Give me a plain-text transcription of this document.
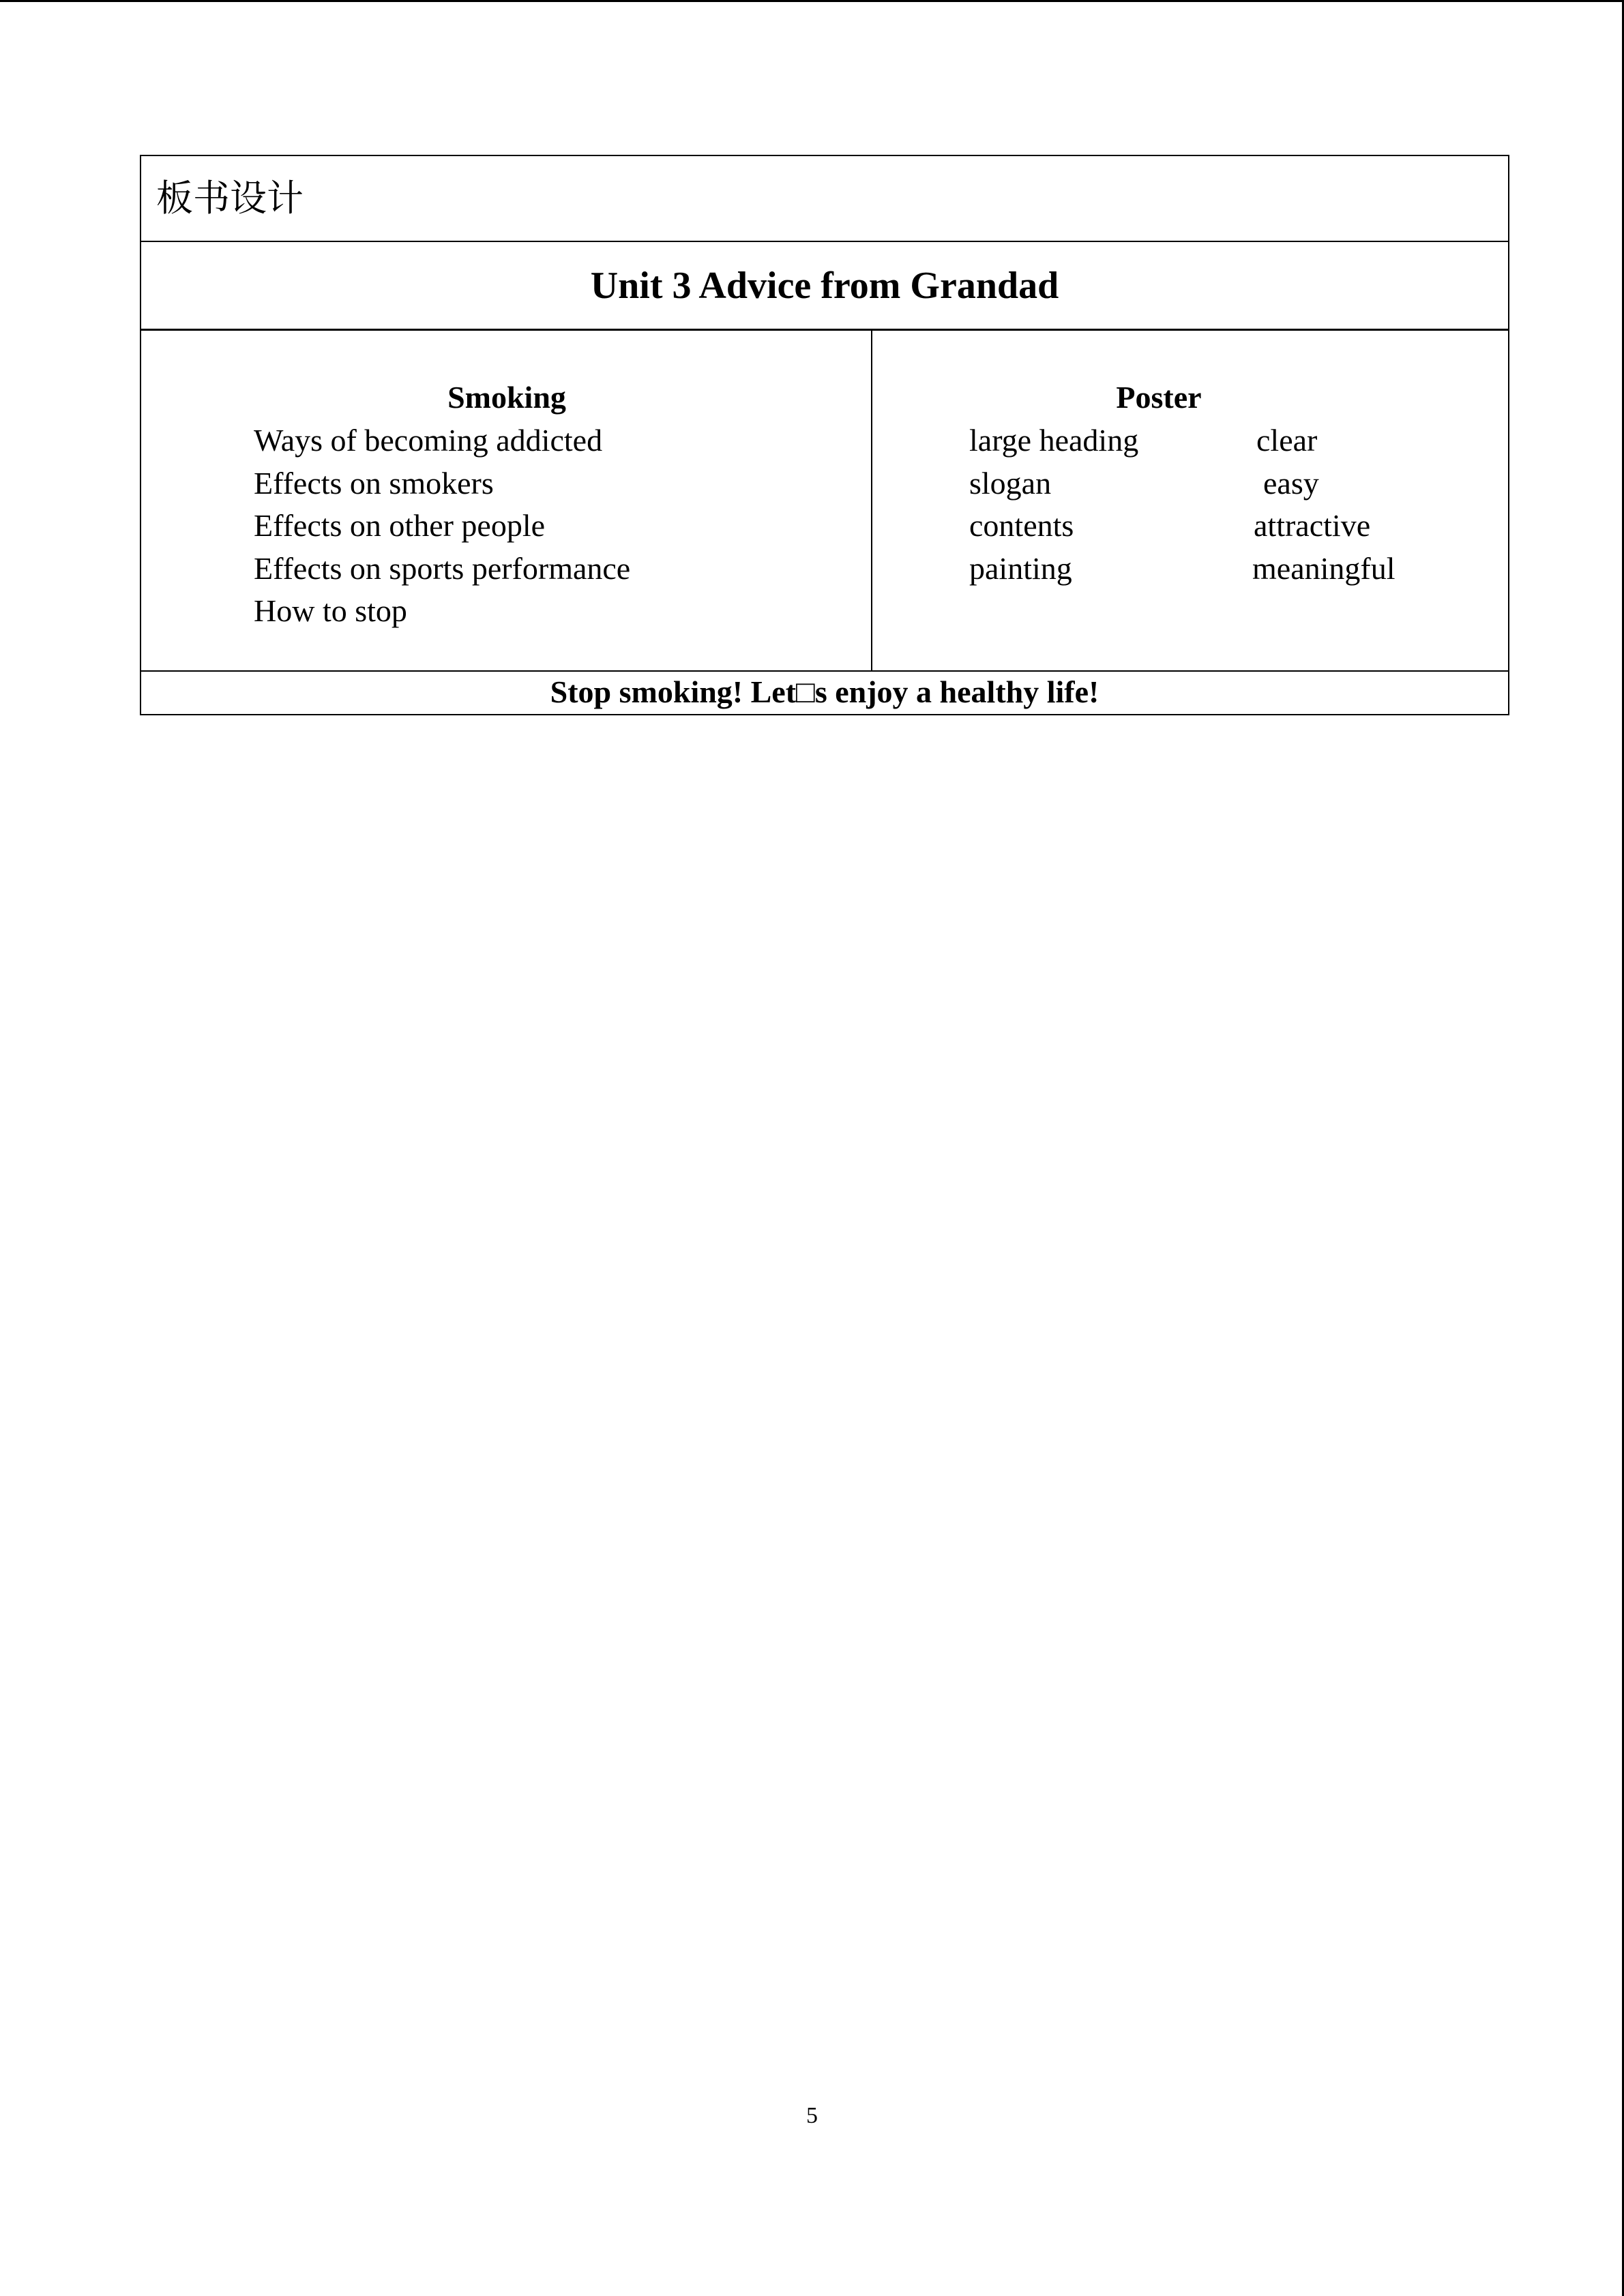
板书设计
Unit 3 Advice from Grandad
Smoking
Ways of becoming addicted
Effects on smokers
Effects on other people
Effects on sports performance
How to stop
Poster
large heading
slogan
contents
painting
clear
easy
attractive
meaningful
Stop smoking! Let□s enjoy a healthy life!
5
